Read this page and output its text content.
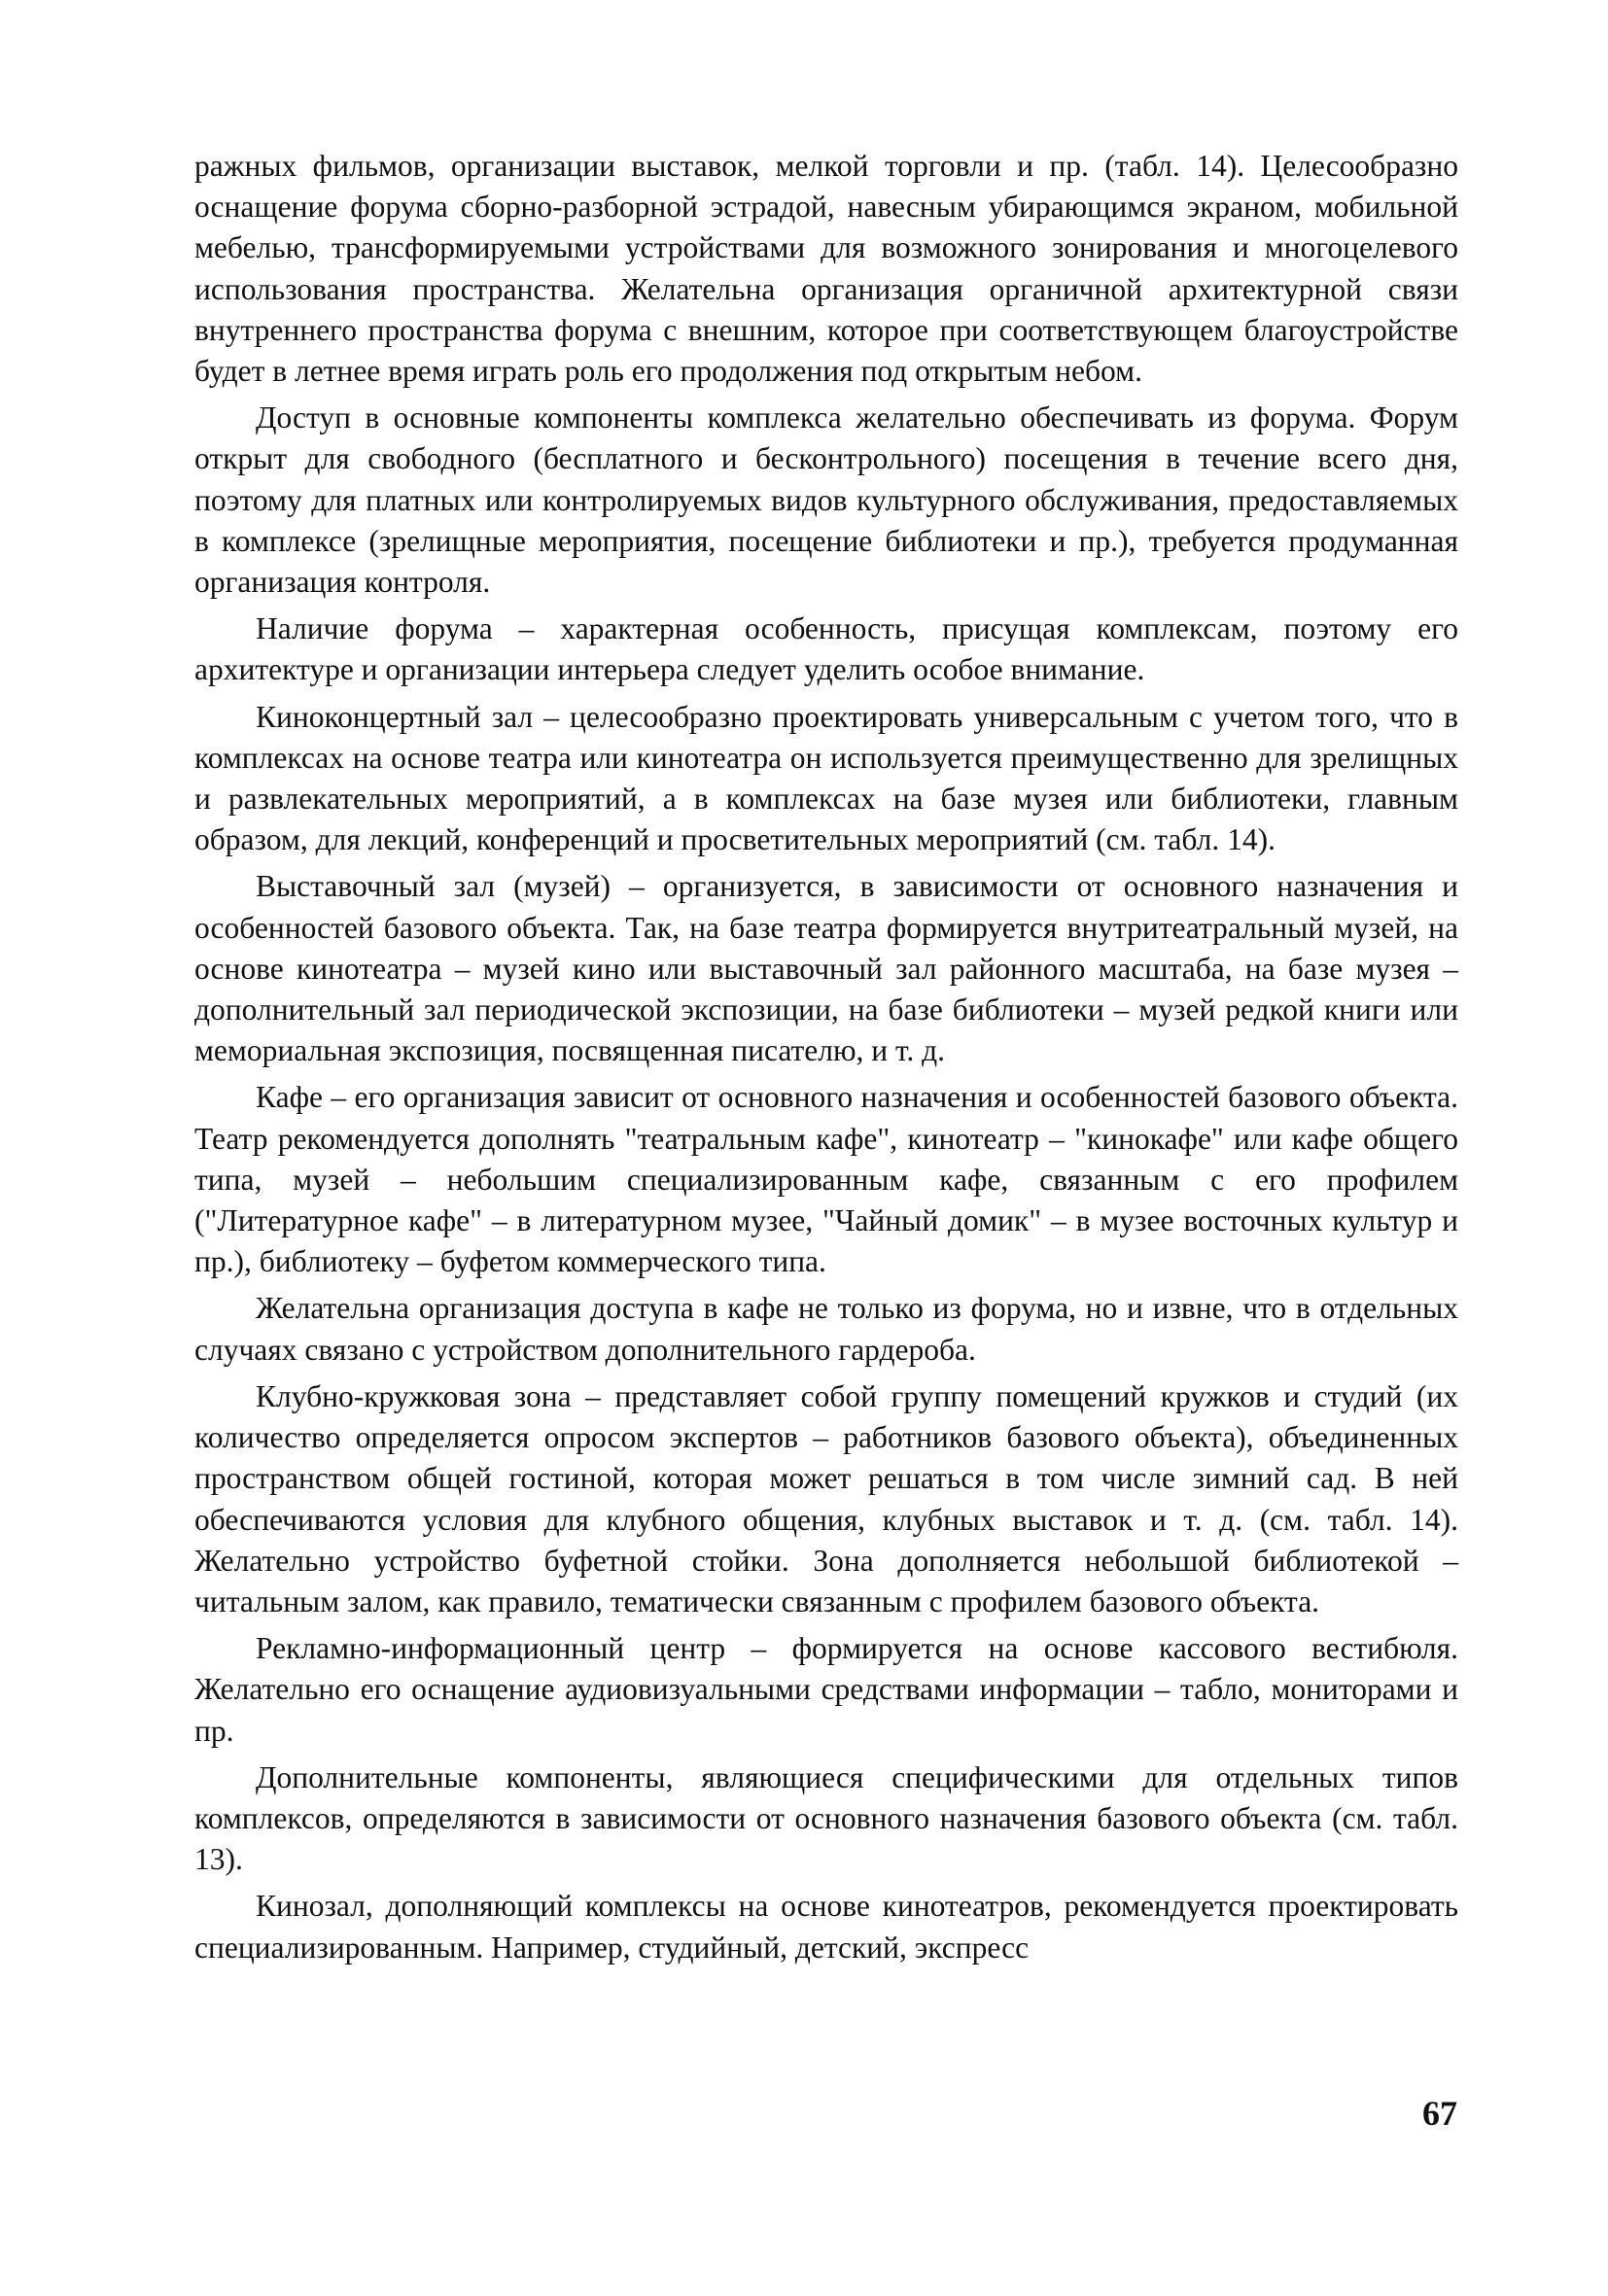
ражных фильмов, организации выставок, мелкой торговли и пр. (табл. 14). Целесообразно оснащение форума сборно-разборной эстрадой, навесным убирающимся экраном, мобильной мебелью, трансформируемыми устройствами для возможного зонирования и многоцелевого использования пространства. Желательна организация органичной архитектурной связи внутреннего пространства форума с внешним, которое при соответствующем благоустройстве будет в летнее время играть роль его продолжения под открытым небом.

Доступ в основные компоненты комплекса желательно обеспечивать из форума. Форум открыт для свободного (бесплатного и бесконтрольного) посещения в течение всего дня, поэтому для платных или контролируемых видов культурного обслуживания, предоставляемых в комплексе (зрелищные мероприятия, посещение библиотеки и пр.), требуется продуманная организация контроля.

Наличие форума – характерная особенность, присущая комплексам, поэтому его архитектуре и организации интерьера следует уделить особое внимание.

Киноконцертный зал – целесообразно проектировать универсальным с учетом того, что в комплексах на основе театра или кинотеатра он используется преимущественно для зрелищных и развлекательных мероприятий, а в комплексах на базе музея или библиотеки, главным образом, для лекций, конференций и просветительных мероприятий (см. табл. 14).

Выставочный зал (музей) – организуется, в зависимости от основного назначения и особенностей базового объекта. Так, на базе театра формируется внутритеатральный музей, на основе кинотеатра – музей кино или выставочный зал районного масштаба, на базе музея – дополнительный зал периодической экспозиции, на базе библиотеки – музей редкой книги или мемориальная экспозиция, посвященная писателю, и т. д.

Кафе – его организация зависит от основного назначения и особенностей базового объекта. Театр рекомендуется дополнять "театральным кафе", кинотеатр – "кинокафе" или кафе общего типа, музей – небольшим специализированным кафе, связанным с его профилем ("Литературное кафе" – в литературном музее, "Чайный домик" – в музее восточных культур и пр.), библиотеку – буфетом коммерческого типа.

Желательна организация доступа в кафе не только из форума, но и извне, что в отдельных случаях связано с устройством дополнительного гардероба.

Клубно-кружковая зона – представляет собой группу помещений кружков и студий (их количество определяется опросом экспертов – работников базового объекта), объединенных пространством общей гостиной, которая может решаться в том числе зимний сад. В ней обеспечиваются условия для клубного общения, клубных выставок и т. д. (см. табл. 14). Желательно устройство буфетной стойки. Зона дополняется небольшой библиотекой – читальным залом, как правило, тематически связанным с профилем базового объекта.

Рекламно-информационный центр – формируется на основе кассового вестибюля. Желательно его оснащение аудиовизуальными средствами информации – табло, мониторами и пр.

Дополнительные компоненты, являющиеся специфическими для отдельных типов комплексов, определяются в зависимости от основного назначения базового объекта (см. табл. 13).

Кинозал, дополняющий комплексы на основе кинотеатров, рекомендуется проектировать специализированным. Например, студийный, детский, экспресс

67
